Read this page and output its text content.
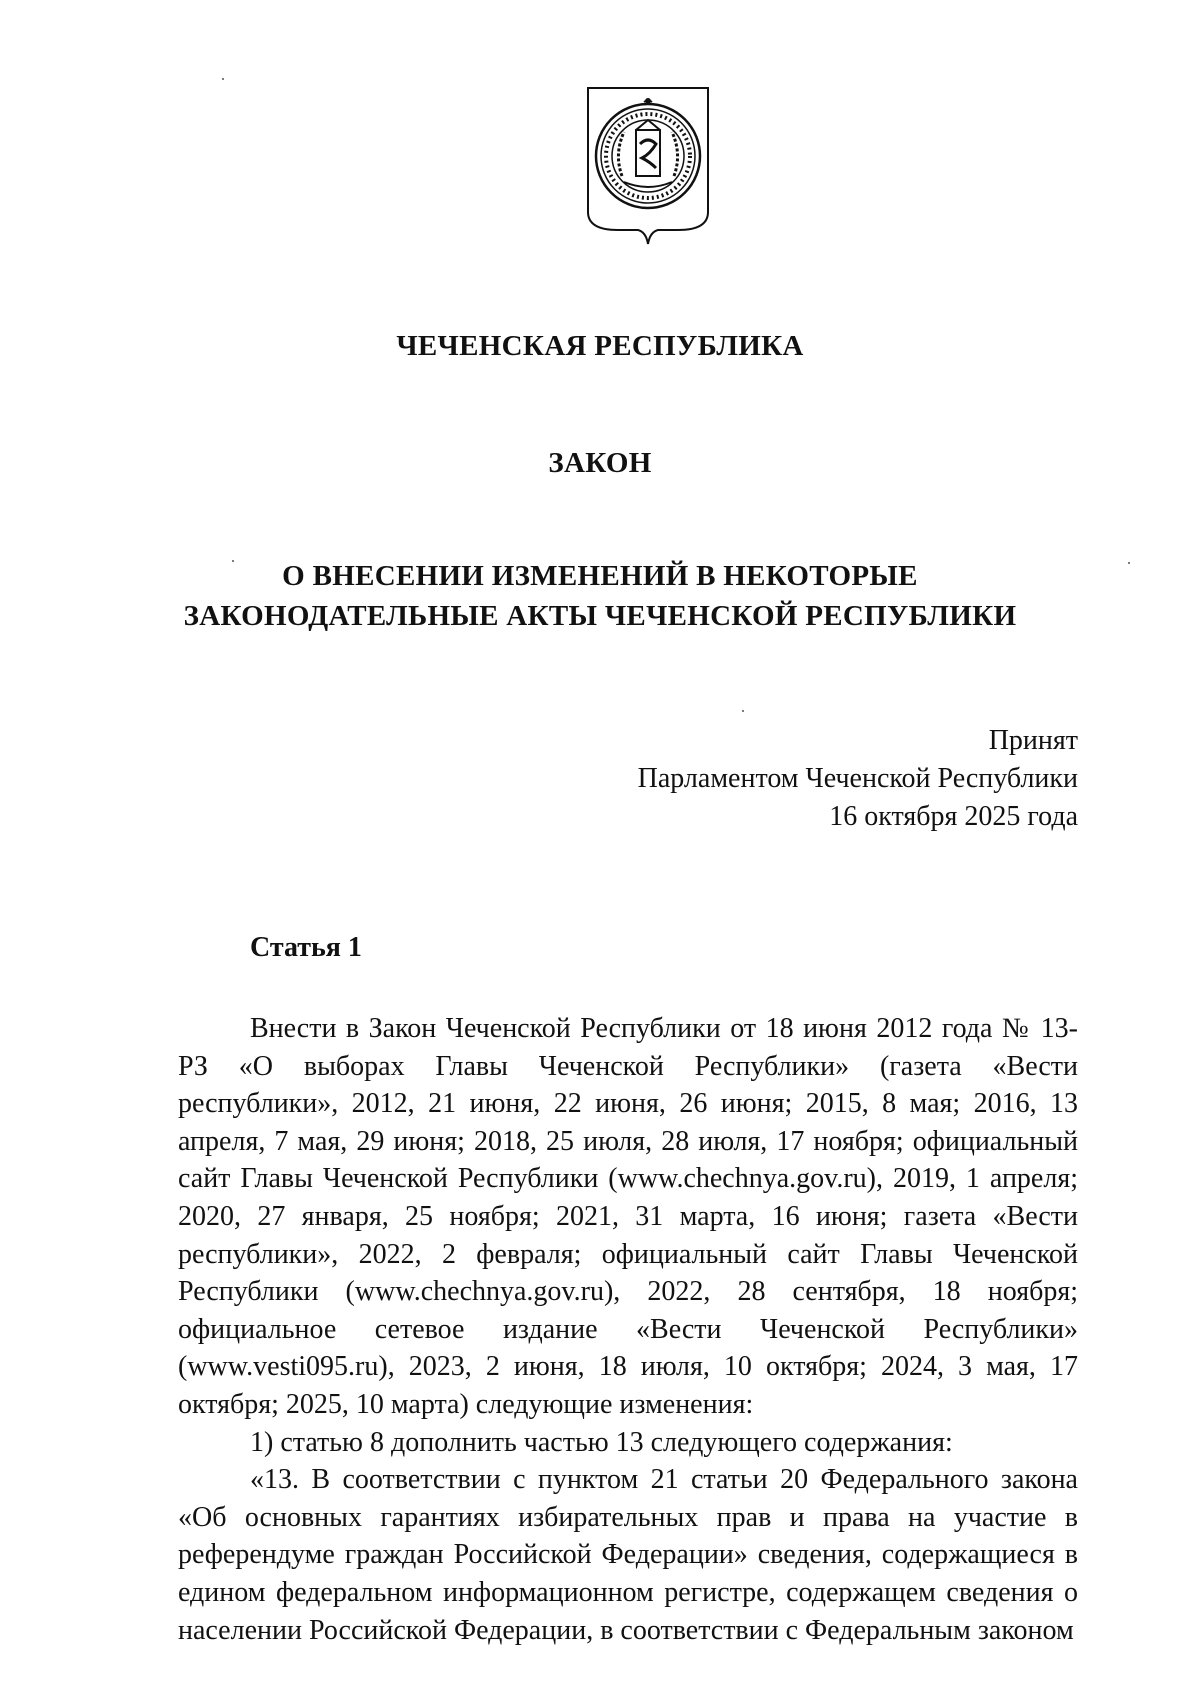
ЧЕЧЕНСКАЯ РЕСПУБЛИКА
ЗАКОН
О ВНЕСЕНИИ ИЗМЕНЕНИЙ В НЕКОТОРЫЕ
ЗАКОНОДАТЕЛЬНЫЕ АКТЫ ЧЕЧЕНСКОЙ РЕСПУБЛИКИ
Принят
Парламентом Чеченской Республики
16 октября 2025 года
Статья 1

Внести в Закон Чеченской Республики от 18 июня 2012 года № 13-РЗ «О выборах Главы Чеченской Республики» (газета «Вести республики», 2012, 21 июня, 22 июня, 26 июня; 2015, 8 мая; 2016, 13 апреля, 7 мая, 29 июня; 2018, 25 июля, 28 июля, 17 ноября; официальный сайт Главы Чеченской Республики (www.chechnya.gov.ru), 2019, 1 апреля; 2020, 27 января, 25 ноября; 2021, 31 марта, 16 июня; газета «Вести республики», 2022, 2 февраля; официальный сайт Главы Чеченской Республики (www.chechnya.gov.ru), 2022, 28 сентября, 18 ноября; официальное сетевое издание «Вести Чеченской Республики» (www.vesti095.ru), 2023, 2 июня, 18 июля, 10 октября; 2024, 3 мая, 17 октября; 2025, 10 марта) следующие изменения:

1) статью 8 дополнить частью 13 следующего содержания:

«13. В соответствии с пунктом 21 статьи 20 Федерального закона «Об основных гарантиях избирательных прав и права на участие в референдуме граждан Российской Федерации» сведения, содержащиеся в едином федеральном информационном регистре, содержащем сведения о населении Российской Федерации, в соответствии с Федеральным законом
